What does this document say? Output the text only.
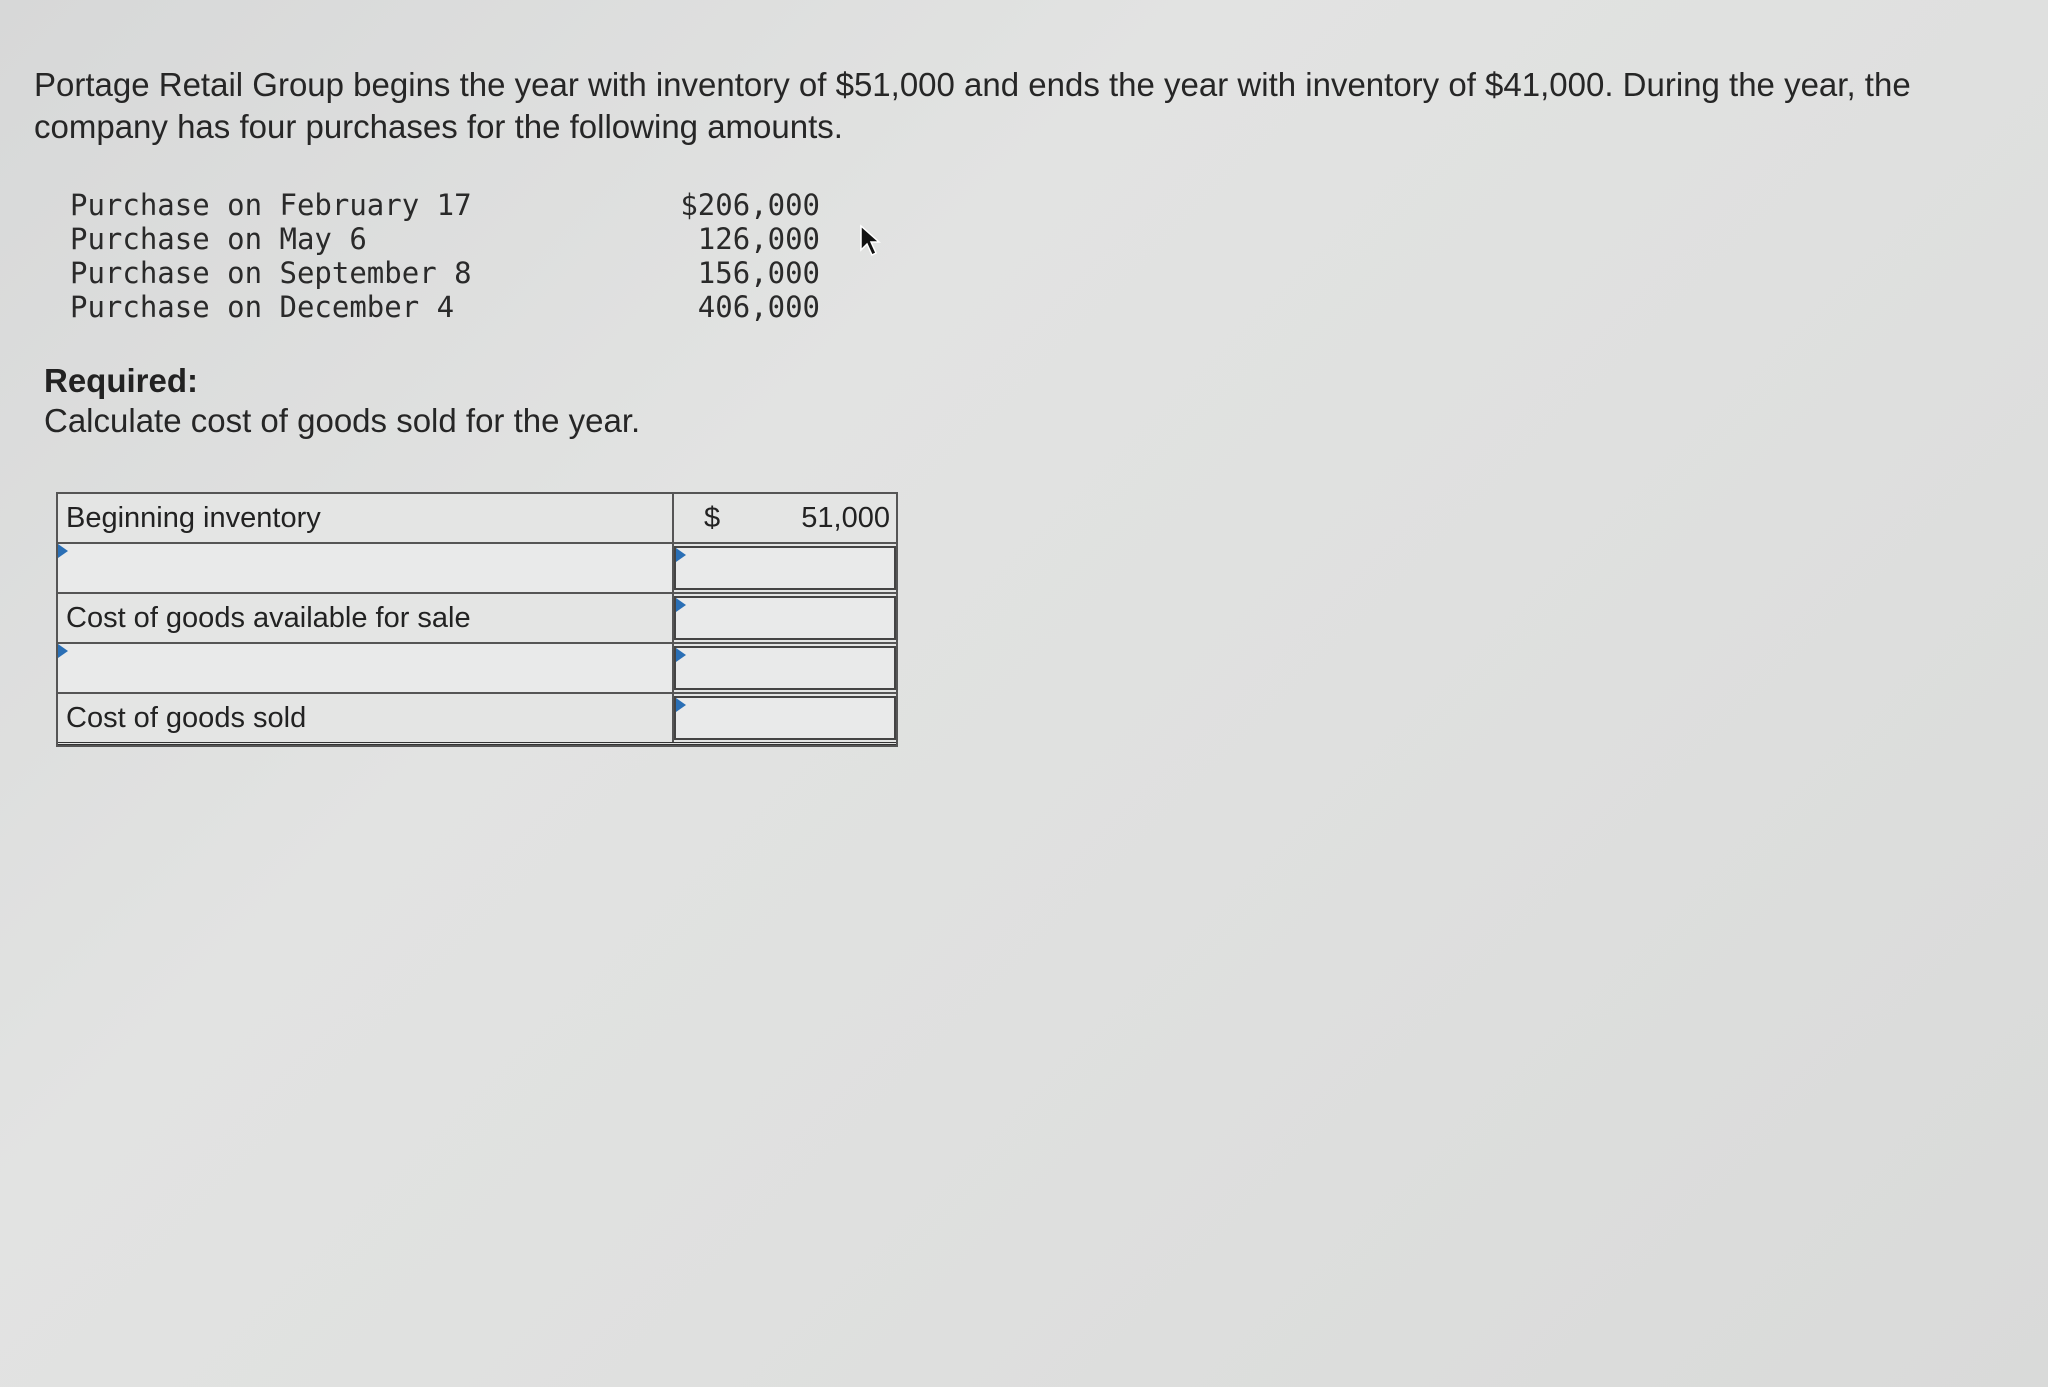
Portage Retail Group begins the year with inventory of $51,000 and ends the year with inventory of $41,000. During the year, the company has four purchases for the following amounts.
Purchase on February 17	$206,000
Purchase on May 6	126,000
Purchase on September 8	156,000
Purchase on December 4	406,000
Required:
Calculate cost of goods sold for the year.
Beginning inventory	$	51,000
Cost of goods available for sale
Cost of goods sold
